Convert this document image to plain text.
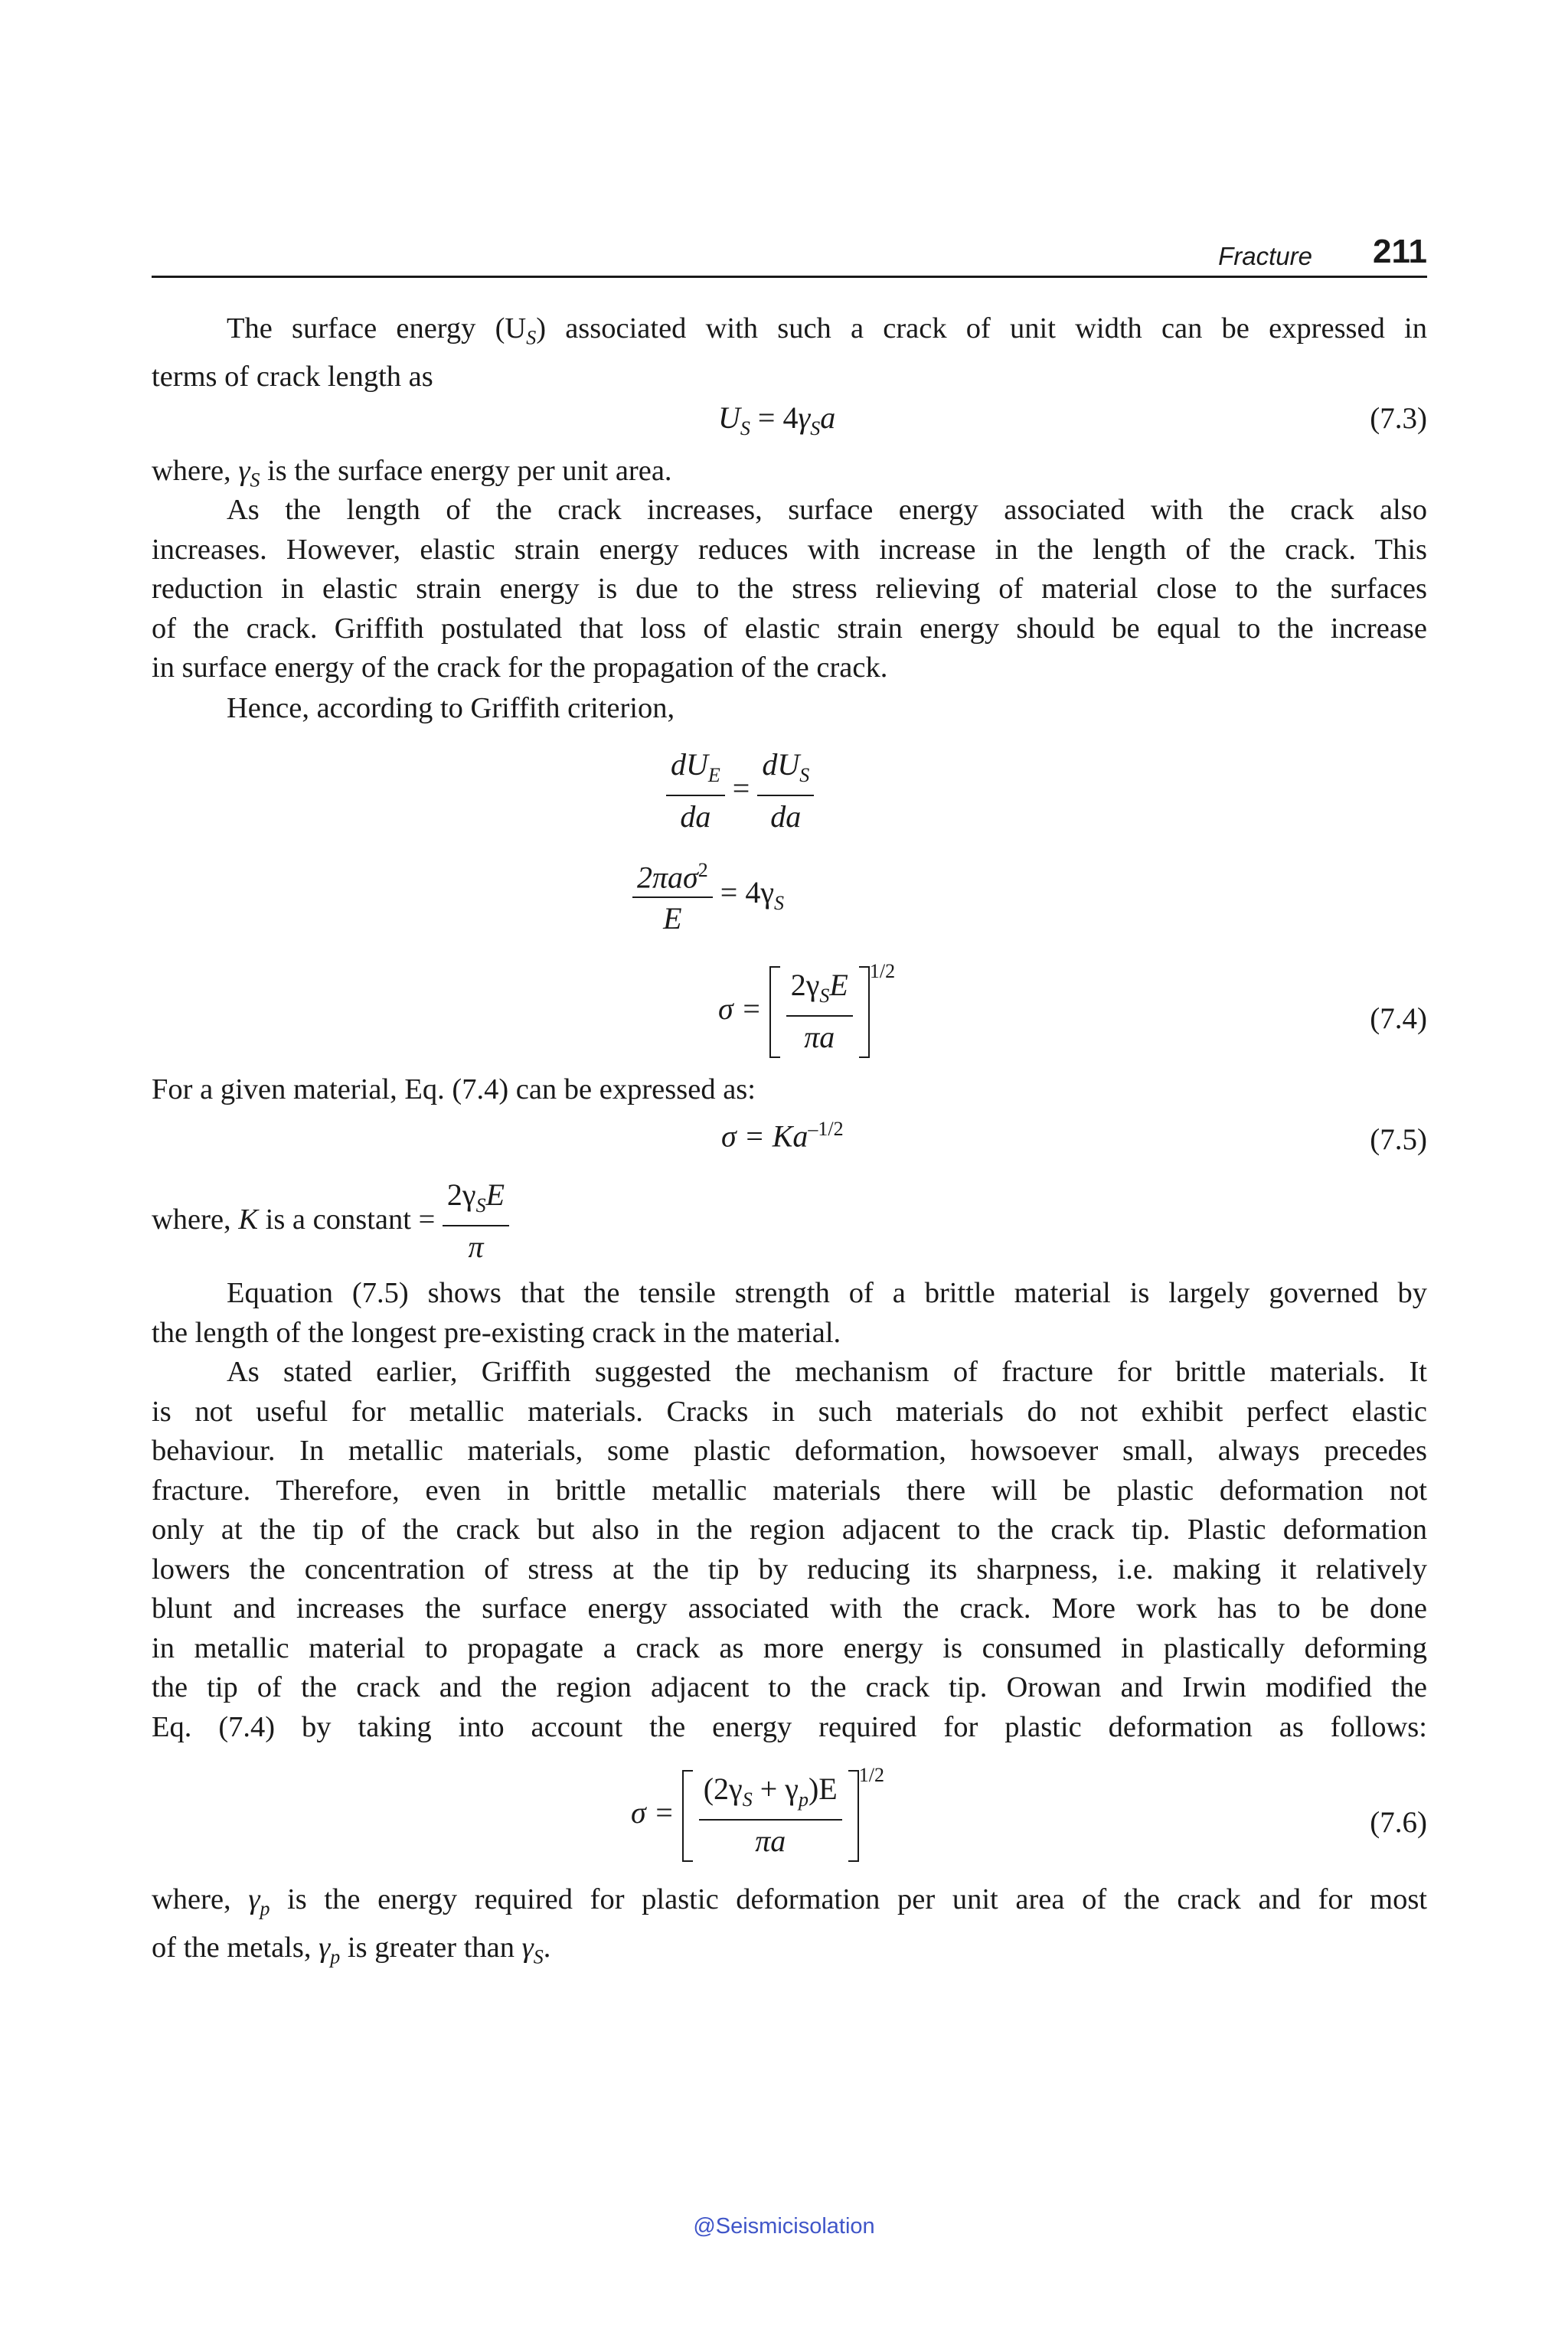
Fracture 211
The surface energy $(U_S)$ associated with such a crack of unit width can be expressed in
terms of crack length as
$U_S = 4\gamma_Sa$	(7.3)
where, $\gamma_S$ is the surface energy per unit area.
As the length of the crack increases, surface energy associated with the crack also
increases. However, elastic strain energy reduces with increase in the length of the crack. This
reduction in elastic strain energy is due to the stress relieving of material close to the surfaces
of the crack. Griffith postulated that loss of elastic strain energy should be equal to the increase
in surface energy of the crack for the propagation of the crack.
Hence, according to Griffith criterion,
$\frac{dU_E}{da} = \frac{dU_S}{da}$
$\frac{2\pi a\sigma^2}{E} = 4\gamma_S$
$\sigma = \frac{2\gamma_SE}{\pi a} ^{1/2}$
(7.4)
For a given material, Eq. (7.4) can be expressed as:
$\sigma = Ka^{-1/2}$	(7.5)
where, K is a constant = $\frac{2\gamma_SE}{\pi}$
Equation (7.5) shows that the tensile strength of a brittle material is largely governed by
the length of the longest pre-existing crack in the material.
As stated earlier, Griffith suggested the mechanism of fracture for brittle materials. It
is not useful for metallic materials. Cracks in such materials do not exhibit perfect elastic
behaviour. In metallic materials, some plastic deformation, howsoever small, always precedes
fracture. Therefore, even in brittle metallic materials there will be plastic deformation not
only at the tip of the crack but also in the region adjacent to the crack tip. Plastic deformation
lowers the concentration of stress at the tip by reducing its sharpness, i.e. making it relatively
blunt and increases the surface energy associated with the crack. More work has to be done
in metallic material to propagate a crack as more energy is consumed in plastically deforming
the tip of the crack and the region adjacent to the crack tip. Orowan and Irwin modified the
Eq. (7.4) by taking into account the energy required for plastic deformation as follows:
$\sigma = \frac{(2\gamma_S + \gamma_p)E}{\pi a} ^{1/2}$
(7.6)
where, $\gamma_p$ is the energy required for plastic deformation per unit area of the crack and for most
of the metals, $\gamma_p$ is greater than $\gamma_S$.
@Seismicisolation
